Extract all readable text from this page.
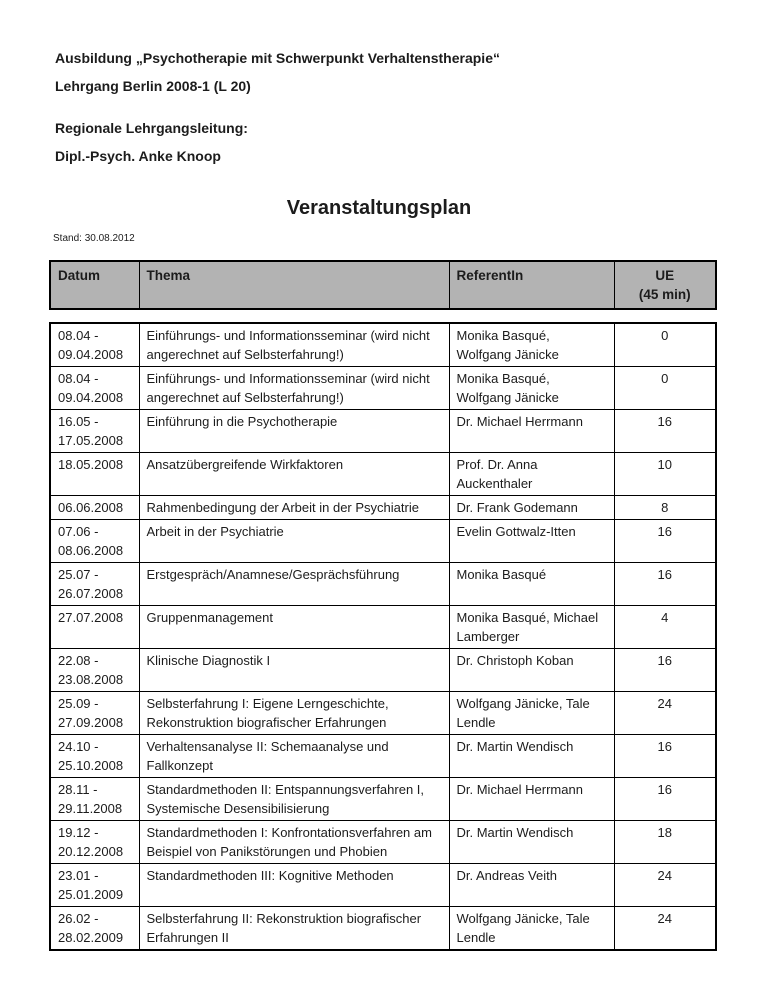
Ausbildung „Psychotherapie mit Schwerpunkt Verhaltenstherapie“

Lehrgang Berlin 2008-1 (L 20)

Regionale Lehrgangsleitung:

Dipl.-Psych. Anke Knoop

Veranstaltungsplan
Stand: 30.08.2012
Datum	Thema	ReferentIn	UE
(45 min)
08.04 - 09.04.2008	Einführungs- und Informationsseminar (wird nicht angerechnet auf Selbsterfahrung!)	Monika Basqué, Wolfgang Jänicke	0
08.04 - 09.04.2008	Einführungs- und Informationsseminar (wird nicht angerechnet auf Selbsterfahrung!)	Monika Basqué, Wolfgang Jänicke	0
16.05 - 17.05.2008	Einführung in die Psychotherapie	Dr. Michael Herrmann	16
18.05.2008	Ansatzübergreifende Wirkfaktoren	Prof. Dr. Anna Auckenthaler	10
06.06.2008	Rahmenbedingung der Arbeit in der Psychiatrie	Dr. Frank Godemann	8
07.06 - 08.06.2008	Arbeit in der Psychiatrie	Evelin Gottwalz-Itten	16
25.07 - 26.07.2008	Erstgespräch/Anamnese/Gesprächsführung	Monika Basqué	16
27.07.2008	Gruppenmanagement	Monika Basqué, Michael Lamberger	4
22.08 - 23.08.2008	Klinische Diagnostik I	Dr. Christoph Koban	16
25.09 - 27.09.2008	Selbsterfahrung I: Eigene Lerngeschichte, Rekonstruktion biografischer Erfahrungen	Wolfgang Jänicke, Tale Lendle	24
24.10 - 25.10.2008	Verhaltensanalyse II: Schemaanalyse und Fallkonzept	Dr. Martin Wendisch	16
28.11 - 29.11.2008	Standardmethoden II: Entspannungsverfahren I, Systemische Desensibilisierung	Dr. Michael Herrmann	16
19.12 - 20.12.2008	Standardmethoden I: Konfrontationsverfahren am Beispiel von Panikstörungen und Phobien	Dr. Martin Wendisch	18
23.01 - 25.01.2009	Standardmethoden III: Kognitive Methoden	Dr. Andreas Veith	24
26.02 - 28.02.2009	Selbsterfahrung II: Rekonstruktion biografischer Erfahrungen II	Wolfgang Jänicke, Tale Lendle	24
